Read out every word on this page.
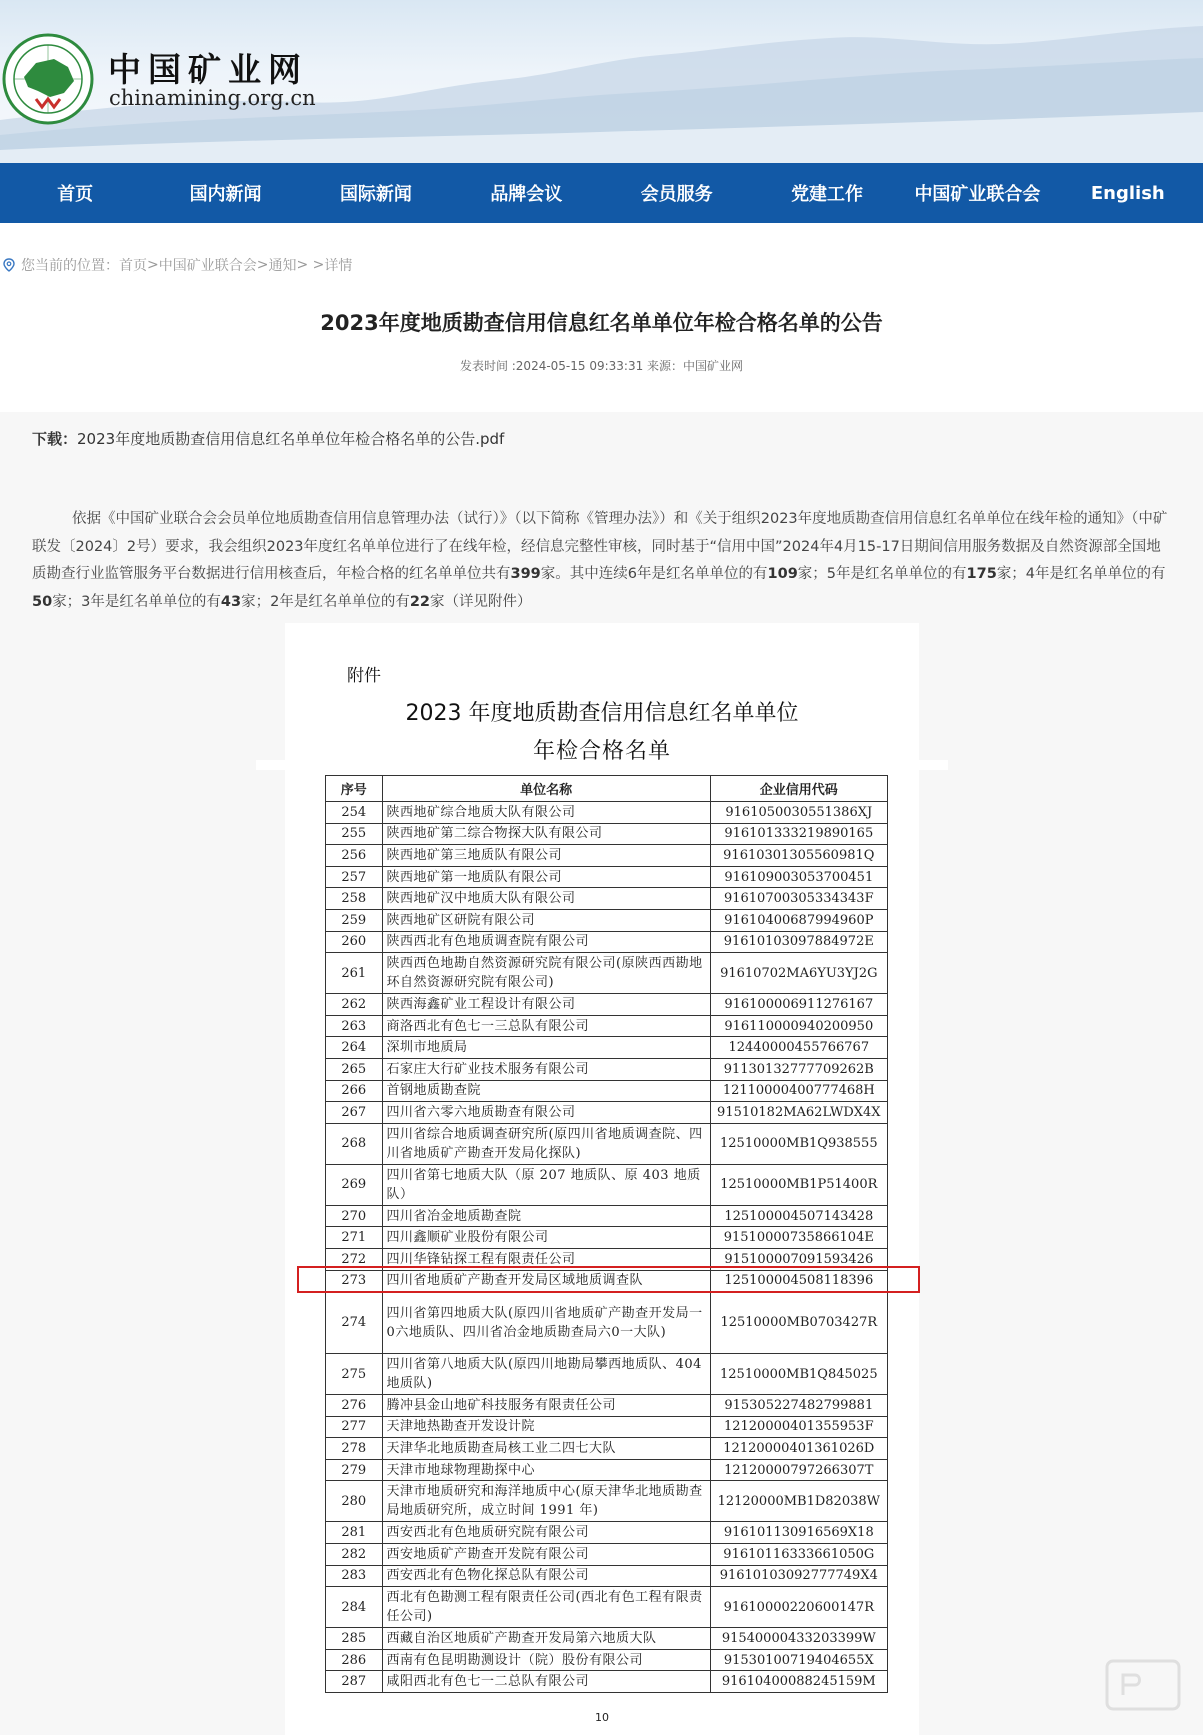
中国矿业网
chinamining.org.cn
首页	国内新闻	国际新闻	品牌会议	会员服务	党建工作	中国矿业联合会	English
您当前的位置： 首页 > 中国矿业联合会 > 通知 > > 详情
2023年度地质勘查信用信息红名单单位年检合格名单的公告
发表时间 :2024-05-15 09:33:31 来源：中国矿业网
下载：2023年度地质勘查信用信息红名单单位年检合格名单的公告.pdf
依据《中国矿业联合会会员单位地质勘查信用信息管理办法（试行）》（以下简称《管理办法》）和《关于组织2023年度地质勘查信用信息红名单单位在线年检的通知》（中矿联发〔2024〕2号）要求，我会组织2023年度红名单单位进行了在线年检，经信息完整性审核，同时基于“信用中国”2024年4月15-17日期间信用服务数据及自然资源部全国地质勘查行业监管服务平台数据进行信用核查后，年检合格的红名单单位共有399家。其中连续6年是红名单单位的有109家；5年是红名单单位的有175家；4年是红名单单位的有50家；3年是红名单单位的有43家；2年是红名单单位的有22家（详见附件）
附件
2023 年度地质勘查信用信息红名单单位
年检合格名单
序号	单位名称	企业信用代码
254	陕西地矿综合地质大队有限公司	9161050030551386XJ
255	陕西地矿第二综合物探大队有限公司	916101333219890165
256	陕西地矿第三地质队有限公司	91610301305560981Q
257	陕西地矿第一地质队有限公司	916109003053700451
258	陕西地矿汉中地质大队有限公司	91610700305334343F
259	陕西地矿区研院有限公司	91610400687994960P
260	陕西西北有色地质调查院有限公司	91610103097884972E
261	陕西西色地勘自然资源研究院有限公司(原陕西西勘地环自然资源研究院有限公司)	91610702MA6YU3YJ2G
262	陕西海鑫矿业工程设计有限公司	916100006911276167
263	商洛西北有色七一三总队有限公司	916110000940200950
264	深圳市地质局	12440000455766767
265	石家庄大行矿业技术服务有限公司	91130132777709262B
266	首钢地质勘查院	12110000400777468H
267	四川省六零六地质勘查有限公司	91510182MA62LWDX4X
268	四川省综合地质调查研究所(原四川省地质调查院、四川省地质矿产勘查开发局化探队)	12510000MB1Q938555
269	四川省第七地质大队（原 207 地质队、原 403 地质队）	12510000MB1P51400R
270	四川省冶金地质勘查院	125100004507143428
271	四川鑫顺矿业股份有限公司	91510000735866104E
272	四川华锋钻探工程有限责任公司	915100007091593426
273	四川省地质矿产勘查开发局区域地质调查队	125100004508118396
274	四川省第四地质大队(原四川省地质矿产勘查开发局一0六地质队、四川省冶金地质勘查局六0一大队)	12510000MB0703427R
275	四川省第八地质大队(原四川地勘局攀西地质队、404 地质队)	12510000MB1Q845025
276	腾冲县金山地矿科技服务有限责任公司	915305227482799881
277	天津地热勘查开发设计院	12120000401355953F
278	天津华北地质勘查局核工业二四七大队	12120000401361026D
279	天津市地球物理勘探中心	12120000797266307T
280	天津市地质研究和海洋地质中心(原天津华北地质勘查局地质研究所，成立时间 1991 年)	12120000MB1D82038W
281	西安西北有色地质研究院有限公司	916101130916569X18
282	西安地质矿产勘查开发院有限公司	91610116333661050G
283	西安西北有色物化探总队有限公司	91610103092777749X4
284	西北有色勘测工程有限责任公司(西北有色工程有限责任公司)	91610000220600147R
285	西藏自治区地质矿产勘查开发局第六地质大队	91540000433203399W
286	西南有色昆明勘测设计（院）股份有限公司	91530100719404655X
287	咸阳西北有色七一二总队有限公司	91610400088245159M
10
